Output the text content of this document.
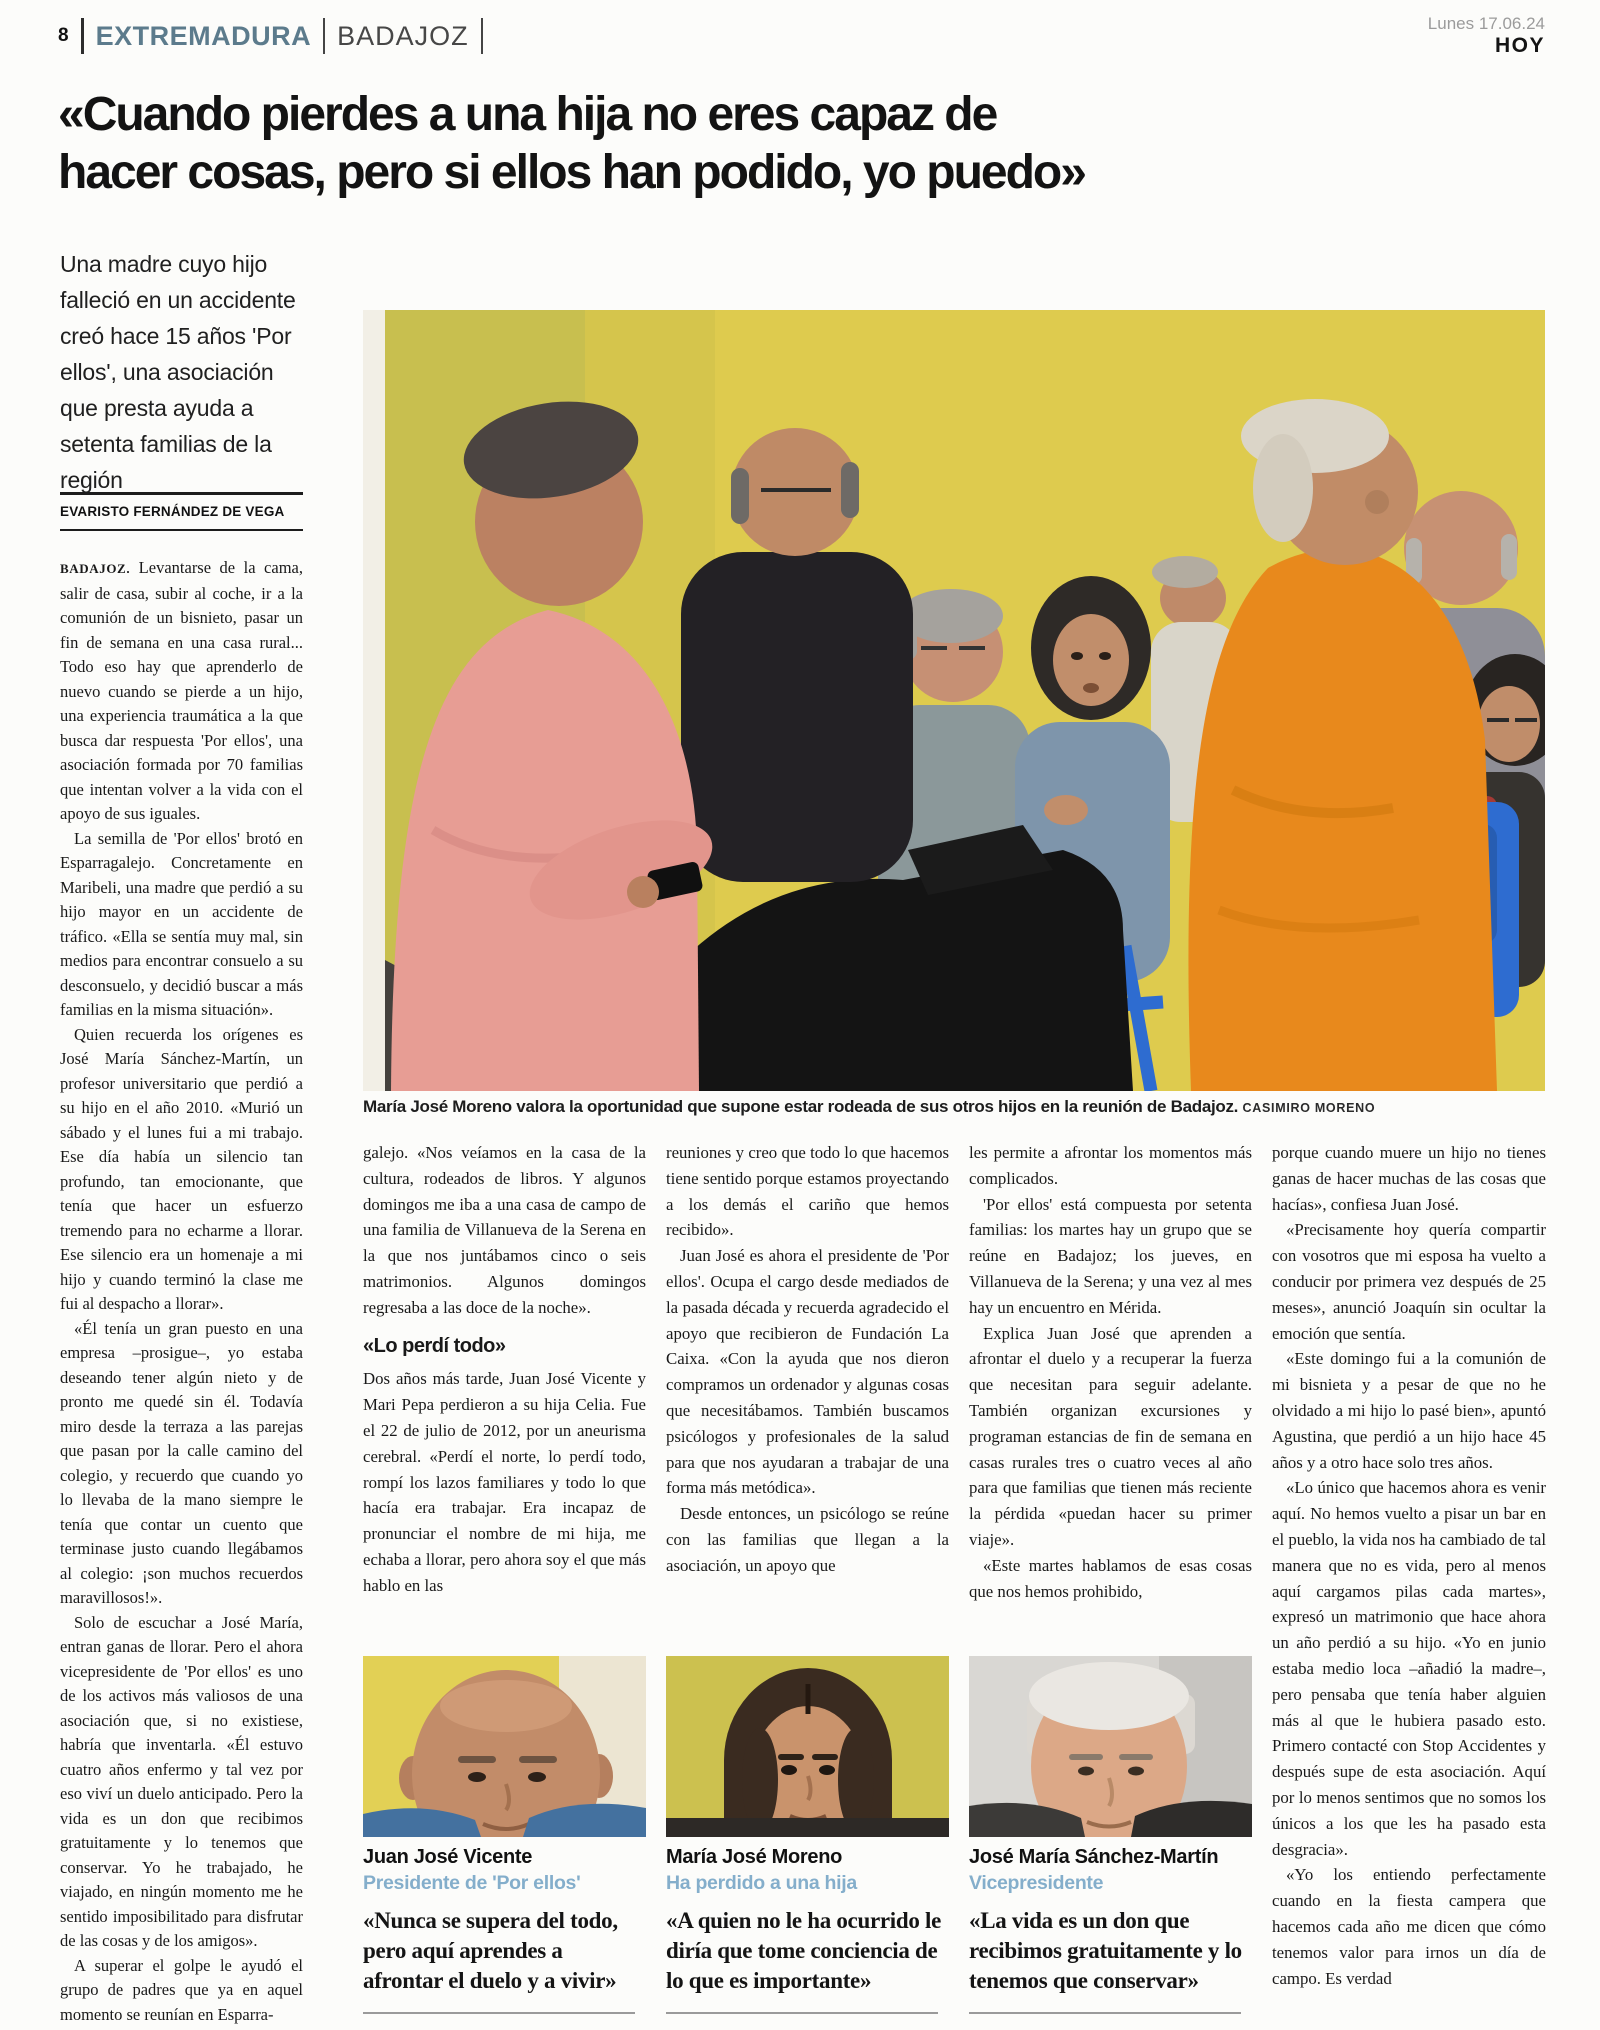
8 EXTREMADURA BADAJOZ	Lunes 17.06.24
HOY
«Cuando pierdes a una hija no eres capaz de
hacer cosas, pero si ellos han podido, yo puedo»
Una madre cuyo hijo falleció en un accidente creó hace 15 años 'Por ellos', una asociación que presta ayuda a setenta familias de la región
EVARISTO FERNÁNDEZ DE VEGA

BADAJOZ. Levantarse de la cama, salir de casa, subir al coche, ir a la comunión de un bisnieto, pasar un fin de semana en una casa rural... Todo eso hay que aprenderlo de nuevo cuando se pierde a un hijo, una experiencia traumática a la que busca dar respuesta 'Por ellos', una asociación formada por 70 familias que intentan volver a la vida con el apoyo de sus iguales.

La semilla de 'Por ellos' brotó en Esparragalejo. Concretamente en Maribeli, una madre que perdió a su hijo mayor en un accidente de tráfico. «Ella se sentía muy mal, sin medios para encontrar consuelo a su desconsuelo, y decidió buscar a más familias en la misma situación».

Quien recuerda los orígenes es José María Sánchez-Martín, un profesor universitario que perdió a su hijo en el año 2010. «Murió un sábado y el lunes fui a mi trabajo. Ese día había un silencio tan profundo, tan emocionante, que tenía que hacer un esfuerzo tremendo para no echarme a llorar. Ese silencio era un homenaje a mi hijo y cuando terminó la clase me fui al despacho a llorar».

«Él tenía un gran puesto en una empresa –prosigue–, yo estaba deseando tener algún nieto y de pronto me quedé sin él. Todavía miro desde la terraza a las parejas que pasan por la calle camino del colegio, y recuerdo que cuando yo lo llevaba de la mano siempre le tenía que contar un cuento que terminase justo cuando llegábamos al colegio: ¡son muchos recuerdos maravillosos!».

Solo de escuchar a José María, entran ganas de llorar. Pero el ahora vicepresidente de 'Por ellos' es uno de los activos más valiosos de una asociación que, si no existiese, habría que inventarla. «Él estuvo cuatro años enfermo y tal vez por eso viví un duelo anticipado. Pero la vida es un don que recibimos gratuitamente y lo tenemos que conservar. Yo he trabajado, he viajado, en ningún momento me he sentido imposibilitado para disfrutar de las cosas y de los amigos».

A superar el golpe le ayudó el grupo de padres que ya en aquel momento se reunían en Esparra-

María José Moreno valora la oportunidad que supone estar rodeada de sus otros hijos en la reunión de Badajoz. CASIMIRO MORENO

galejo. «Nos veíamos en la casa de la cultura, rodeados de libros. Y algunos domingos me iba a una casa de campo de una familia de Villanueva de la Serena en la que nos juntábamos cinco o seis matrimonios. Algunos domingos regresaba a las doce de la noche».

«Lo perdí todo»

Dos años más tarde, Juan José Vicente y Mari Pepa perdieron a su hija Celia. Fue el 22 de julio de 2012, por un aneurisma cerebral. «Perdí el norte, lo perdí todo, rompí los lazos familiares y todo lo que hacía era trabajar. Era incapaz de pronunciar el nombre de mi hija, me echaba a llorar, pero ahora soy el que más hablo en las

reuniones y creo que todo lo que hacemos tiene sentido porque estamos proyectando a los demás el cariño que hemos recibido».

Juan José es ahora el presidente de 'Por ellos'. Ocupa el cargo desde mediados de la pasada década y recuerda agradecido el apoyo que recibieron de Fundación La Caixa. «Con la ayuda que nos dieron compramos un ordenador y algunas cosas que necesitábamos. También buscamos psicólogos y profesionales de la salud para que nos ayudaran a trabajar de una forma más metódica».

Desde entonces, un psicólogo se reúne con las familias que llegan a la asociación, un apoyo que

les permite a afrontar los momentos más complicados.

'Por ellos' está compuesta por setenta familias: los martes hay un grupo que se reúne en Badajoz; los jueves, en Villanueva de la Serena; y una vez al mes hay un encuentro en Mérida.

Explica Juan José que aprenden a afrontar el duelo y a recuperar la fuerza que necesitan para seguir adelante. También organizan excursiones y programan estancias de fin de semana en casas rurales tres o cuatro veces al año para que familias que tienen más reciente la pérdida «puedan hacer su primer viaje».

«Este martes hablamos de esas cosas que nos hemos prohibido,

porque cuando muere un hijo no tienes ganas de hacer muchas de las cosas que hacías», confiesa Juan José.

«Precisamente hoy quería compartir con vosotros que mi esposa ha vuelto a conducir por primera vez después de 25 meses», anunció Joaquín sin ocultar la emoción que sentía.

«Este domingo fui a la comunión de mi bisnieta y a pesar de que no he olvidado a mi hijo lo pasé bien», apuntó Agustina, que perdió a un hijo hace 45 años y a otro hace solo tres años.

«Lo único que hacemos ahora es venir aquí. No hemos vuelto a pisar un bar en el pueblo, la vida nos ha cambiado de tal manera que no es vida, pero al menos aquí cargamos pilas cada martes», expresó un matrimonio que hace ahora un año perdió a su hijo. «Yo en junio estaba medio loca –añadió la madre–, pero pensaba que tenía haber alguien más al que le hubiera pasado esto. Primero contacté con Stop Accidentes y después supe de esta asociación. Aquí por lo menos sentimos que no somos los únicos a los que les ha pasado esta desgracia».

«Yo los entiendo perfectamente cuando en la fiesta campera que hacemos cada año me dicen que cómo tenemos valor para irnos un día de campo. Es verdad

Juan José Vicente
Presidente de 'Por ellos'
«Nunca se supera del todo, pero aquí aprendes a afrontar el duelo y a vivir»
María José Moreno
Ha perdido a una hija
«A quien no le ha ocurrido le diría que tome conciencia de lo que es importante»
José María Sánchez-Martín
Vicepresidente
«La vida es un don que recibimos gratuitamente y lo tenemos que conservar»
